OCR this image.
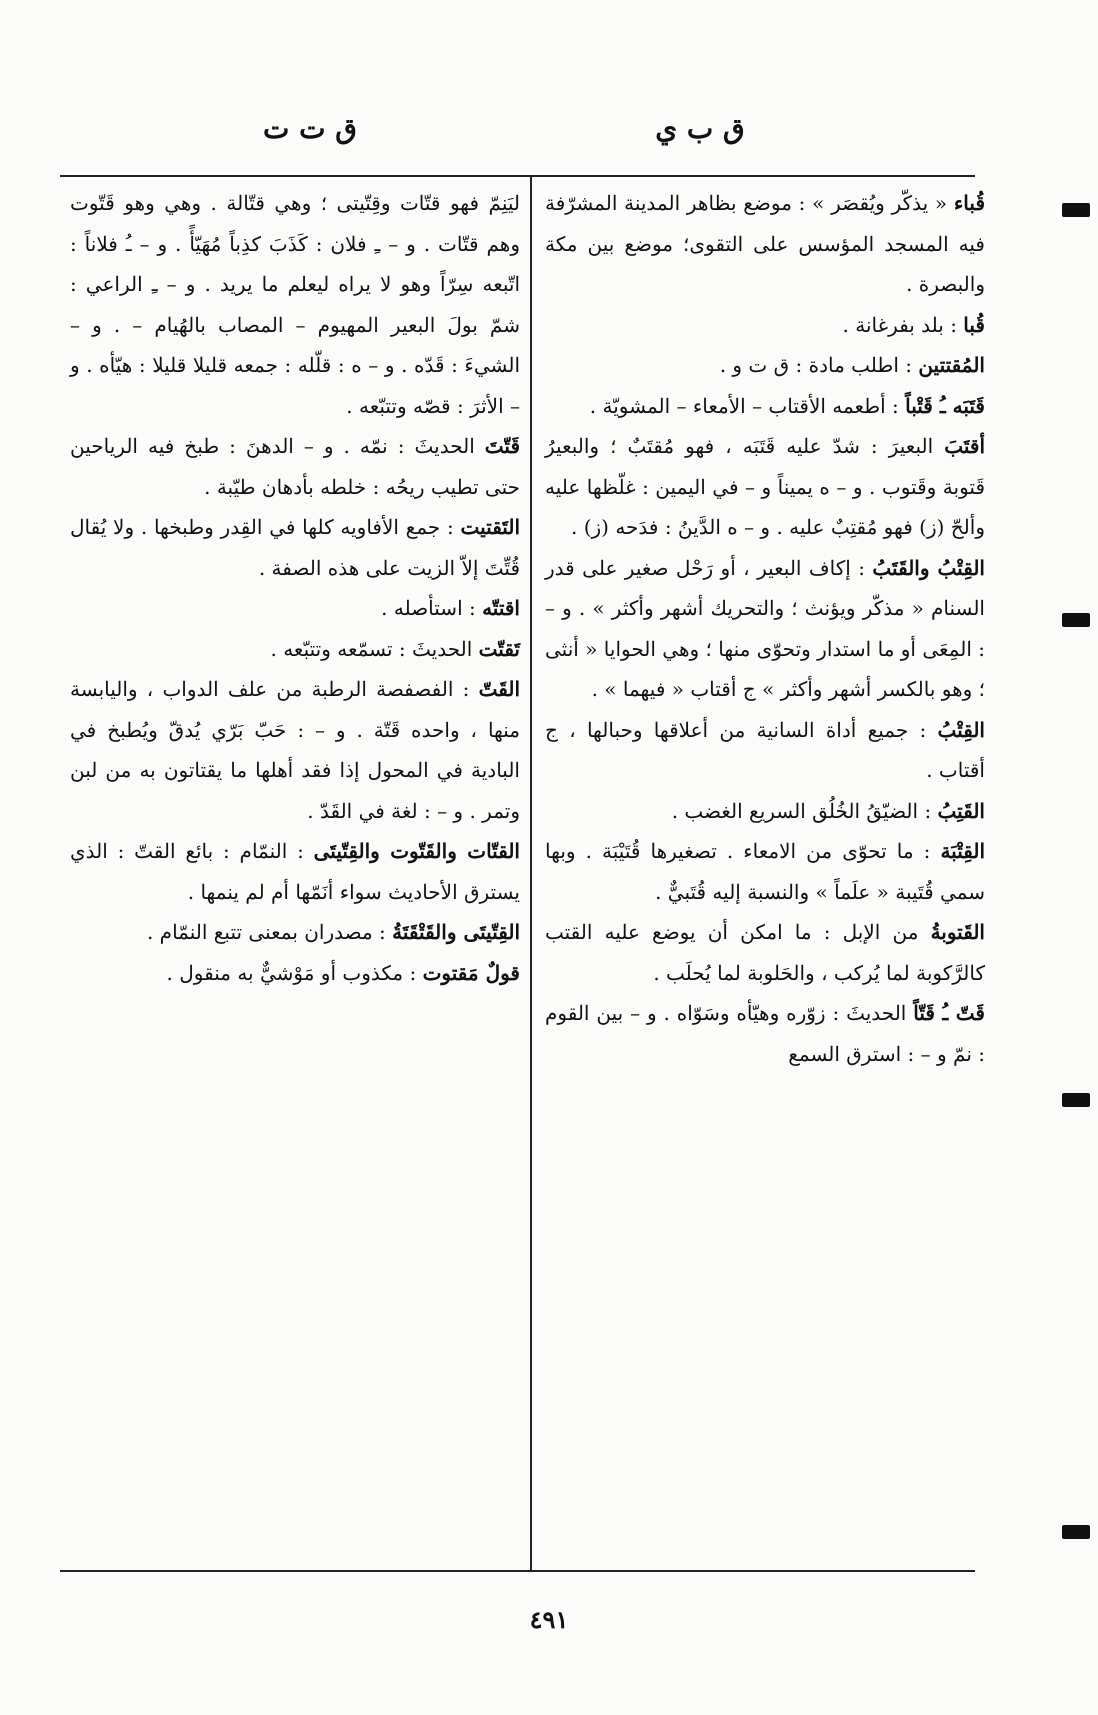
ق ب ي
ق ت ت

قُباء « يذكّر ويُقصَر » : موضع بظاهر المدينة المشرّفة فيه المسجد المؤسس على التقوى؛ موضع بين مكة والبصرة .

قُبا : بلد بفرغانة .

المُقتتين : اطلب مادة : ق ت و .

قَتَبَه ـُ قَتْباً : أطعمه الأقتاب – الأمعاء – المشويّة .

أقتَبَ البعيرَ : شدّ عليه قَتَبَه ، فهو مُقتَبٌ ؛ والبعيرُ قَتوبة وقَتوب . و – ه يميناً و – في اليمين : غلّظها عليه وألحّ (ز) فهو مُقتِبٌ عليه . و – ه الدَّينُ : فدَحه (ز) .

القِتْبُ والقَتَبُ : إكاف البعير ، أو رَحْل صغير على قدر السنام « مذكّر ويؤنث ؛ والتحريك أشهر وأكثر » . و – : المِعَى أو ما استدار وتحوّى منها ؛ وهي الحوايا « أنثى ؛ وهو بالكسر أشهر وأكثر » ج أقتاب « فيهما » .

القِتْبُ : جميع أداة السانية من أعلاقها وحبالها ، ج أقتاب .

القَتِبُ : الضيّقُ الخُلُق السريع الغضب .

القِتْبَة : ما تحوّى من الامعاء . تصغيرها قُتَيْبَة . وبها سمي قُتَيبة « علَماً » والنسبة إليه قُتَبيٌّ .

القَتوبةُ من الإبل : ما امكن أن يوضع عليه القتب كالرَّكوبة لما يُركب ، والحَلوبة لما يُحلَب .

قَتّ ـُ قَتّاً الحديثَ : زوّره وهيّأه وسَوّاه . و – بين القوم : نمّ و – : استرق السمع

ليَنِمّ فهو قتّات وقِتّيتى ؛ وهي قتّالة . وهي وهو قَتّوت وهم قتّات . و – ـِ فلان : كَذَبَ كذِباً مُهَيّأً . و – ـُ فلاناً : اتّبعه سِرّاً وهو لا يراه ليعلم ما يريد . و – ـِ الراعي : شمّ بولَ البعير المهيوم – المصاب بالهُيام – . و – الشيءَ : قَدّه . و – ه : قلّله : جمعه قليلا قليلا : هيّأه . و – الأثرَ : قصّه وتتبّعه .

قَتّتَ الحديثَ : نمّه . و – الدهنَ : طبخ فيه الرياحين حتى تطيب ريحُه : خلطه بأدهان طيّبة .

التَقتيت : جمع الأفاويه كلها في القِدر وطبخها . ولا يُقال قُتِّتَ إلاّ الزيت على هذه الصفة .

اقتتّه : استأصله .

تَقتّت الحديثَ : تسمّعه وتتبّعه .

القَتّ : الفصفصة الرطبة من علف الدواب ، واليابسة منها ، واحده قَتّة . و – : حَبّ بَرّي يُدقّ ويُطبخ في البادية في المحول إذا فقد أهلها ما يقتاتون به من لبن وتمر . و – : لغة في القَدّ .

القتّات والقَتّوت والقِتّيتَى : النمّام : بائع القتّ : الذي يسترق الأحاديث سواء أنَمّها أم لم ينمها .

القِتّيتَى والقَتْقَتَةُ : مصدران بمعنى تتبع النمّام .

قولٌ مَقتوت : مكذوب أو مَوْشيٌّ به منقول .

٤٩١
